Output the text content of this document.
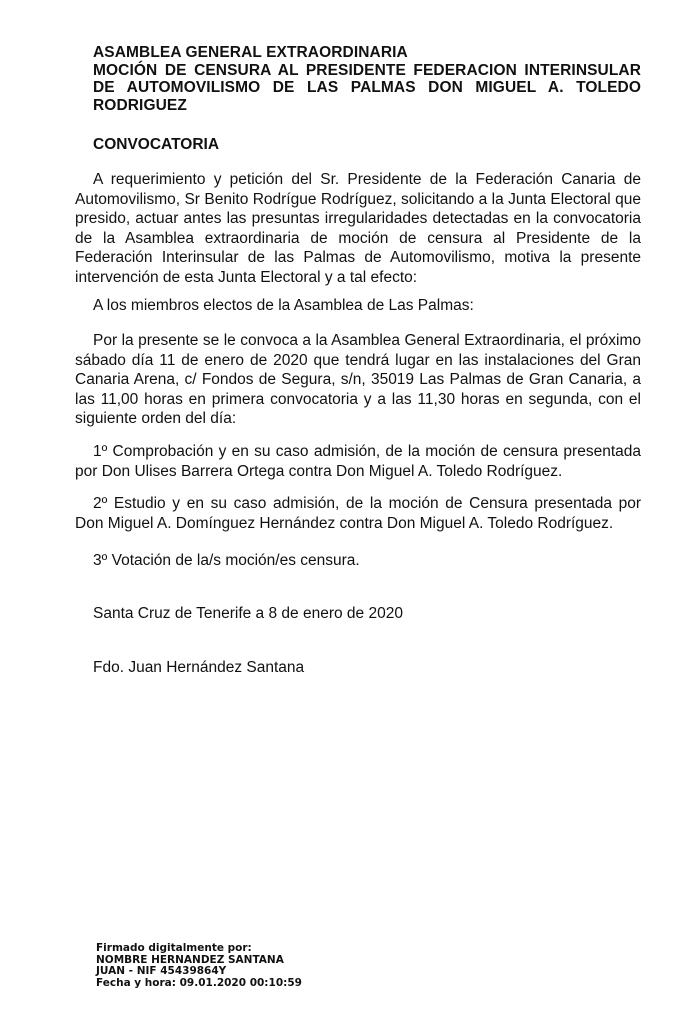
ASAMBLEA GENERAL EXTRAORDINARIA
MOCIÓN DE CENSURA AL PRESIDENTE FEDERACION INTERINSULAR
DE AUTOMOVILISMO DE LAS PALMAS DON MIGUEL A. TOLEDO
RODRIGUEZ
CONVOCATORIA
A requerimiento y petición del Sr. Presidente de la Federación Canaria de Automovilismo, Sr Benito Rodrígue Rodríguez, solicitando a la Junta Electoral que presido, actuar antes las presuntas irregularidades detectadas en la convocatoria de la Asamblea extraordinaria de moción de censura al Presidente de la Federación Interinsular de las Palmas de Automovilismo, motiva la presente intervención de esta Junta Electoral y a tal efecto:
A los miembros electos de la Asamblea de Las Palmas:
Por la presente se le convoca a la Asamblea General Extraordinaria, el próximo sábado día 11 de enero de 2020 que tendrá lugar en las instalaciones del Gran Canaria Arena, c/ Fondos de Segura, s/n, 35019 Las Palmas de Gran Canaria, a las 11,00 horas en primera convocatoria y a las 11,30 horas en segunda, con el siguiente orden del día:
1º Comprobación y en su caso admisión, de la moción de censura presentada por Don Ulises Barrera Ortega contra Don Miguel A. Toledo Rodríguez.
2º Estudio y en su caso admisión, de la moción de Censura presentada por Don Miguel A. Domínguez Hernández contra Don Miguel A. Toledo Rodríguez.
3º Votación de la/s moción/es censura.
Santa Cruz de Tenerife a 8 de enero de 2020
Fdo. Juan Hernández Santana
Firmado digitalmente por:
NOMBRE HERNANDEZ SANTANA
JUAN - NIF 45439864Y
Fecha y hora: 09.01.2020 00:10:59
